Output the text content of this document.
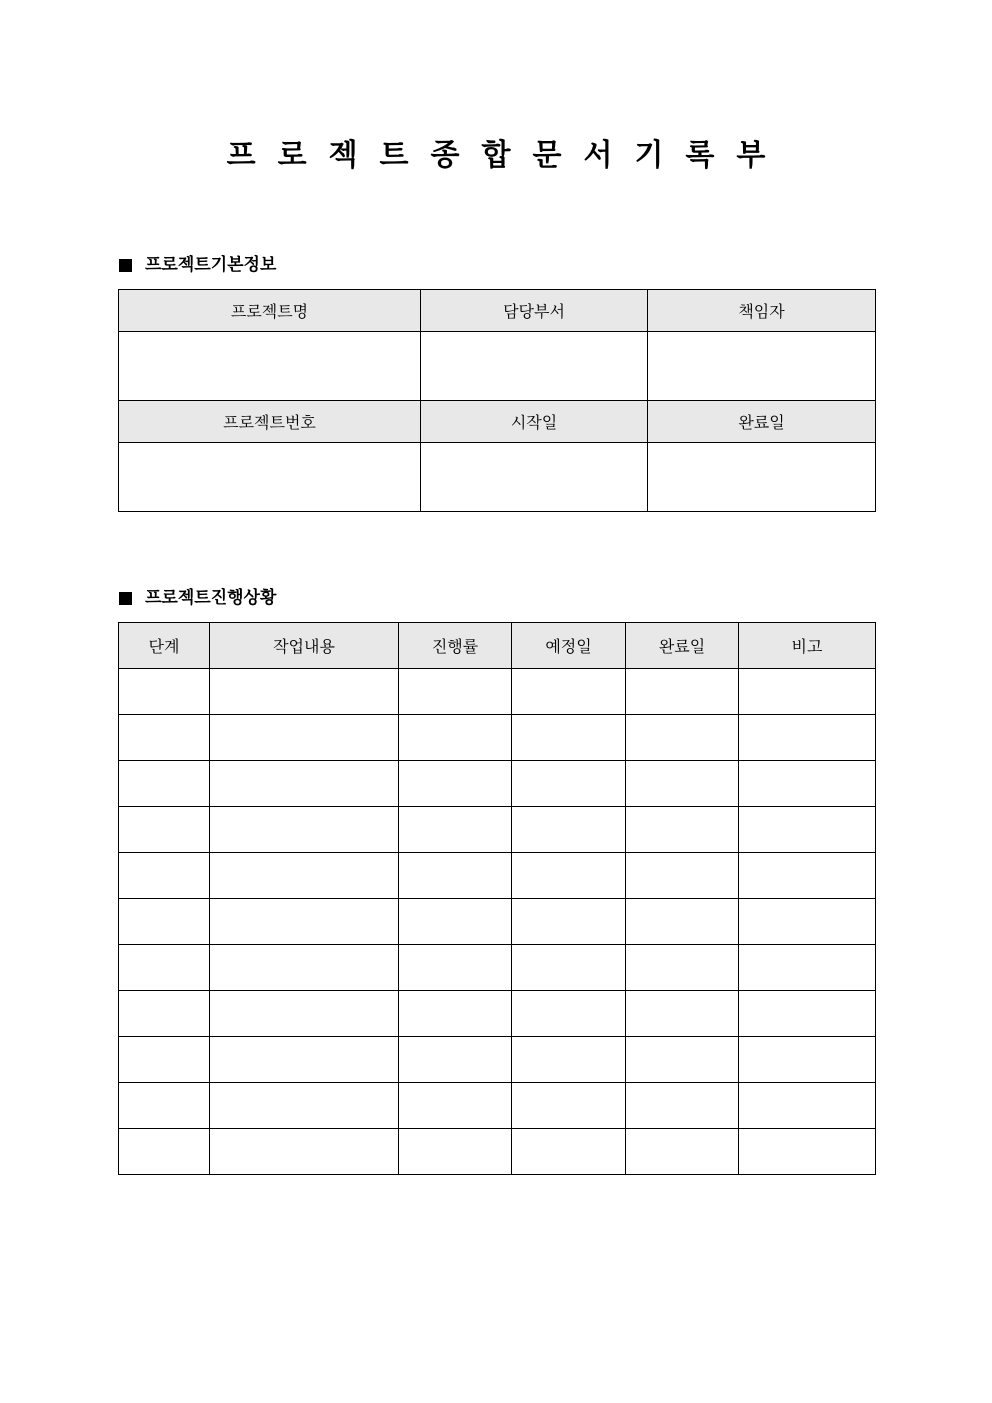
프로젝트종합문서기록부
프로젝트기본정보
프로젝트명	담당부서	책임자

프로젝트번호	시작일	완료일

프로젝트진행상황
단계	작업내용	진행률	예정일	완료일	비고
